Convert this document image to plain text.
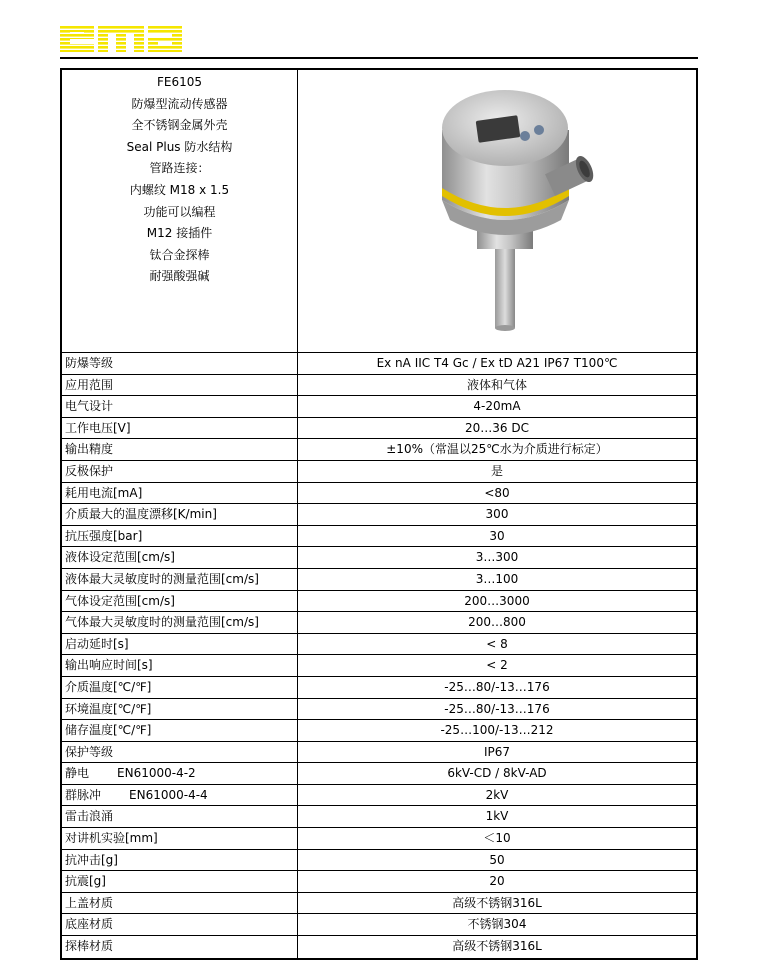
FE6105
防爆型流动传感器
全不锈钢金属外壳
Seal Plus 防水结构
管路连接：
内螺纹 M18 x 1.5
功能可以编程
M12 接插件
钛合金探棒
耐强酸强碱
防爆等级	Ex nA IIC T4 Gc / Ex tD A21 IP67 T100℃
应用范围	液体和气体
电气设计	4-20mA
工作电压[V]	20…36 DC
输出精度	±10%（常温以25℃水为介质进行标定）
反极保护	是
耗用电流[mA]	<80
介质最大的温度漂移[K/min]	300
抗压强度[bar]	30
液体设定范围[cm/s]	3…300
液体最大灵敏度时的测量范围[cm/s]	3…100
气体设定范围[cm/s]	200…3000
气体最大灵敏度时的测量范围[cm/s]	200…800
启动延时[s]	< 8
输出响应时间[s]	< 2
介质温度[℃/℉]	-25…80/-13…176
环境温度[℃/℉]	-25…80/-13…176
储存温度[℃/℉]	-25…100/-13…212
保护等级	IP67
静电 EN61000-4-2	6kV-CD / 8kV-AD
群脉冲 EN61000-4-4	2kV
雷击浪涌	1kV
对讲机实验[mm]	＜10
抗冲击[g]	50
抗震[g]	20
上盖材质	高级不锈钢316L
底座材质	不锈钢304
探棒材质	高级不锈钢316L
